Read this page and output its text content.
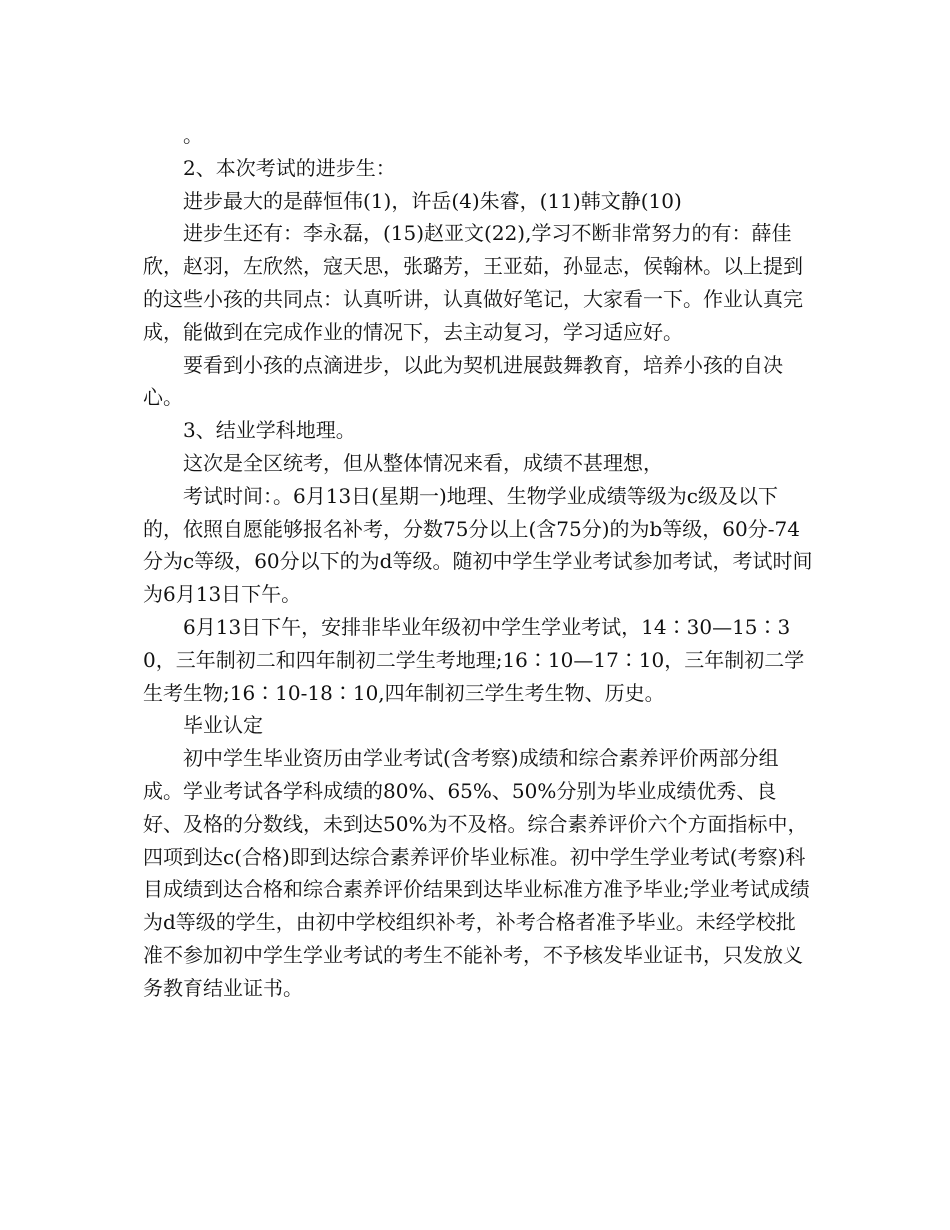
。

2、本次考试的进步生：

进步最大的是薛恒伟(1)，许岳(4)朱睿，(11)韩文静(10)

进步生还有：李永磊，(15)赵亚文(22),学习不断非常努力的有：薛佳欣，赵羽，左欣然，寇天思，张璐芳，王亚茹，孙显志，侯翰林。以上提到的这些小孩的共同点：认真听讲，认真做好笔记，大家看一下。作业认真完成，能做到在完成作业的情况下，去主动复习，学习适应好。

要看到小孩的点滴进步，以此为契机进展鼓舞教育，培养小孩的自决心。

3、结业学科地理。

这次是全区统考，但从整体情况来看，成绩不甚理想，

考试时间：。6月13日(星期一)地理、生物学业成绩等级为c级及以下的，依照自愿能够报名补考，分数75分以上(含75分)的为b等级，60分-74分为c等级，60分以下的为d等级。随初中学生学业考试参加考试，考试时间为6月13日下午。

6月13日下午，安排非毕业年级初中学生学业考试，14∶30—15∶30，三年制初二和四年制初二学生考地理;16∶10—17∶10，三年制初二学生考生物;16∶10-18∶10,四年制初三学生考生物、历史。

毕业认定

初中学生毕业资历由学业考试(含考察)成绩和综合素养评价两部分组成。学业考试各学科成绩的80%、65%、50%分别为毕业成绩优秀、良好、及格的分数线，未到达50%为不及格。综合素养评价六个方面指标中，四项到达c(合格)即到达综合素养评价毕业标准。初中学生学业考试(考察)科目成绩到达合格和综合素养评价结果到达毕业标准方准予毕业;学业考试成绩为d等级的学生，由初中学校组织补考，补考合格者准予毕业。未经学校批准不参加初中学生学业考试的考生不能补考，不予核发毕业证书，只发放义务教育结业证书。
